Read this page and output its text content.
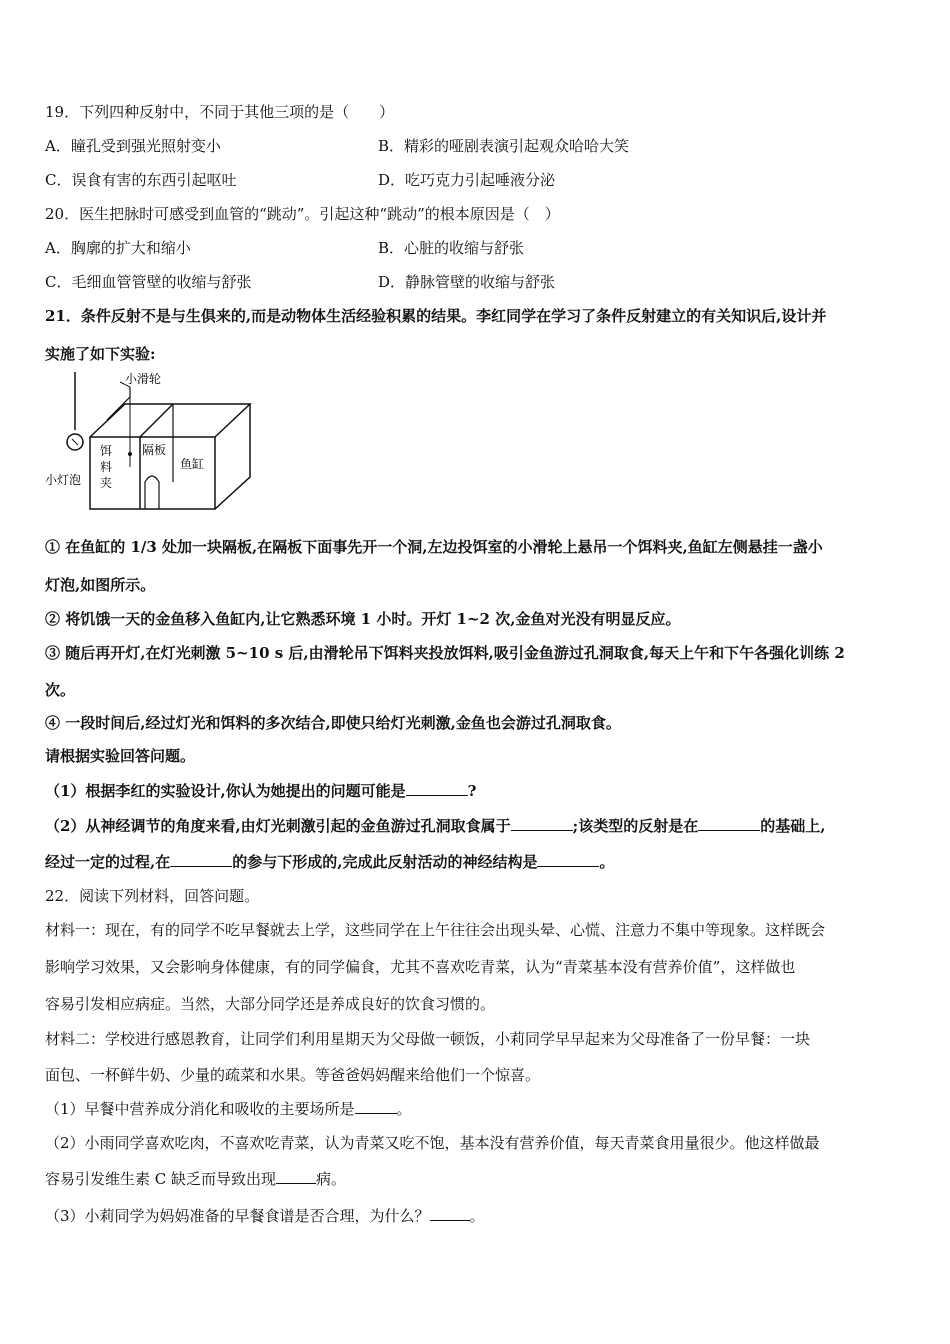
19．下列四种反射中，不同于其他三项的是（　　）
A．瞳孔受到强光照射变小	B．精彩的哑剧表演引起观众哈哈大笑
C．误食有害的东西引起呕吐	D．吃巧克力引起唾液分泌
20．医生把脉时可感受到血管的“跳动”。引起这种“跳动”的根本原因是（　）
A．胸廓的扩大和缩小	B．心脏的收缩与舒张
C．毛细血管管壁的收缩与舒张	D．静脉管壁的收缩与舒张
21．条件反射不是与生俱来的,而是动物体生活经验积累的结果。李红同学在学习了条件反射建立的有关知识后,设计并
实施了如下实验:
小滑轮
饵
料
夹
隔板
鱼缸
小灯泡
① 在鱼缸的 1/3 处加一块隔板,在隔板下面事先开一个洞,左边投饵室的小滑轮上悬吊一个饵料夹,鱼缸左侧悬挂一盏小
灯泡,如图所示。
② 将饥饿一天的金鱼移入鱼缸内,让它熟悉环境 1 小时。开灯 1~2 次,金鱼对光没有明显反应。
③ 随后再开灯,在灯光刺激 5~10 s 后,由滑轮吊下饵料夹投放饵料,吸引金鱼游过孔洞取食,每天上午和下午各强化训练 2
次。
④ 一段时间后,经过灯光和饵料的多次结合,即使只给灯光刺激,金鱼也会游过孔洞取食。
请根据实验回答问题。
（1）根据李红的实验设计,你认为她提出的问题可能是	?
（2）从神经调节的角度来看,由灯光刺激引起的金鱼游过孔洞取食属于	;该类型的反射是在	的基础上,
经过一定的过程,在	的参与下形成的,完成此反射活动的神经结构是	。
22．阅读下列材料，回答问题。
材料一：现在，有的同学不吃早餐就去上学，这些同学在上午往往会出现头晕、心慌、注意力不集中等现象。这样既会
影响学习效果，又会影响身体健康，有的同学偏食，尤其不喜欢吃青菜，认为“青菜基本没有营养价值”，这样做也
容易引发相应病症。当然，大部分同学还是养成良好的饮食习惯的。
材料二：学校进行感恩教育，让同学们利用星期天为父母做一顿饭，小莉同学早早起来为父母准备了一份早餐：一块
面包、一杯鲜牛奶、少量的疏菜和水果。等爸爸妈妈醒来给他们一个惊喜。
（1）早餐中营养成分消化和吸收的主要场所是	。
（2）小雨同学喜欢吃肉，不喜欢吃青菜，认为青菜又吃不饱，基本没有营养价值，每天青菜食用量很少。他这样做最
容易引发维生素 C 缺乏而导致出现	病。
（3）小莉同学为妈妈准备的早餐食谱是否合理，为什么？	。
